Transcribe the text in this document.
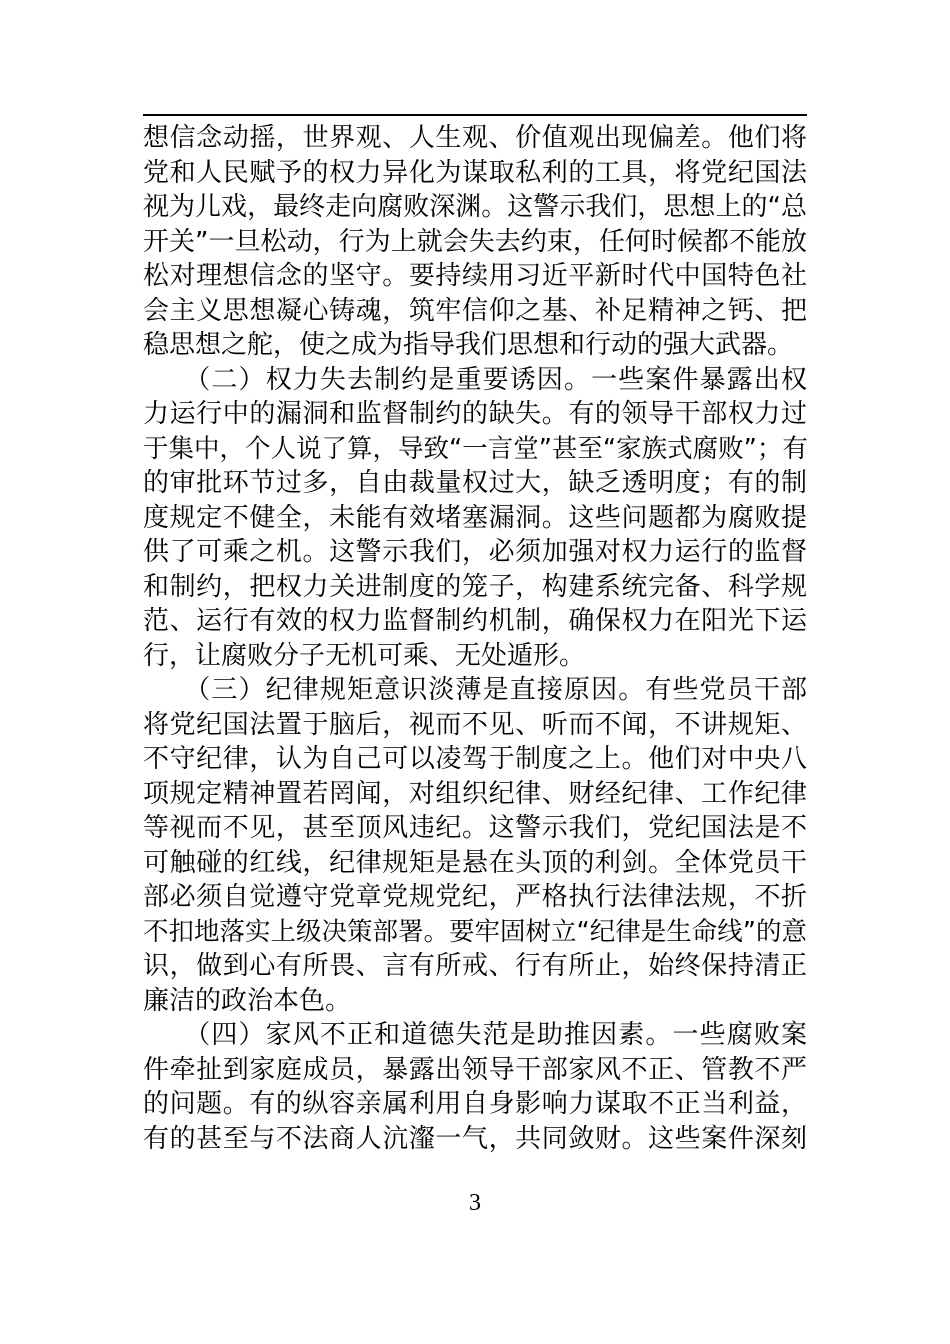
想信念动摇，世界观、人生观、价值观出现偏差。他们将
党和人民赋予的权力异化为谋取私利的工具，将党纪国法
视为儿戏，最终走向腐败深渊。这警示我们，思想上的“总
开关”一旦松动，行为上就会失去约束，任何时候都不能放
松对理想信念的坚守。要持续用习近平新时代中国特色社
会主义思想凝心铸魂，筑牢信仰之基、补足精神之钙、把
稳思想之舵，使之成为指导我们思想和行动的强大武器。
　　（二）权力失去制约是重要诱因。一些案件暴露出权
力运行中的漏洞和监督制约的缺失。有的领导干部权力过
于集中，个人说了算，导致“一言堂”甚至“家族式腐败”；有
的审批环节过多，自由裁量权过大，缺乏透明度；有的制
度规定不健全，未能有效堵塞漏洞。这些问题都为腐败提
供了可乘之机。这警示我们，必须加强对权力运行的监督
和制约，把权力关进制度的笼子，构建系统完备、科学规
范、运行有效的权力监督制约机制，确保权力在阳光下运
行，让腐败分子无机可乘、无处遁形。
　　（三）纪律规矩意识淡薄是直接原因。有些党员干部
将党纪国法置于脑后，视而不见、听而不闻，不讲规矩、
不守纪律，认为自己可以凌驾于制度之上。他们对中央八
项规定精神置若罔闻，对组织纪律、财经纪律、工作纪律
等视而不见，甚至顶风违纪。这警示我们，党纪国法是不
可触碰的红线，纪律规矩是悬在头顶的利剑。全体党员干
部必须自觉遵守党章党规党纪，严格执行法律法规，不折
不扣地落实上级决策部署。要牢固树立“纪律是生命线”的意
识，做到心有所畏、言有所戒、行有所止，始终保持清正
廉洁的政治本色。
　　（四）家风不正和道德失范是助推因素。一些腐败案
件牵扯到家庭成员，暴露出领导干部家风不正、管教不严
的问题。有的纵容亲属利用自身影响力谋取不正当利益，
有的甚至与不法商人沆瀣一气，共同敛财。这些案件深刻
3
